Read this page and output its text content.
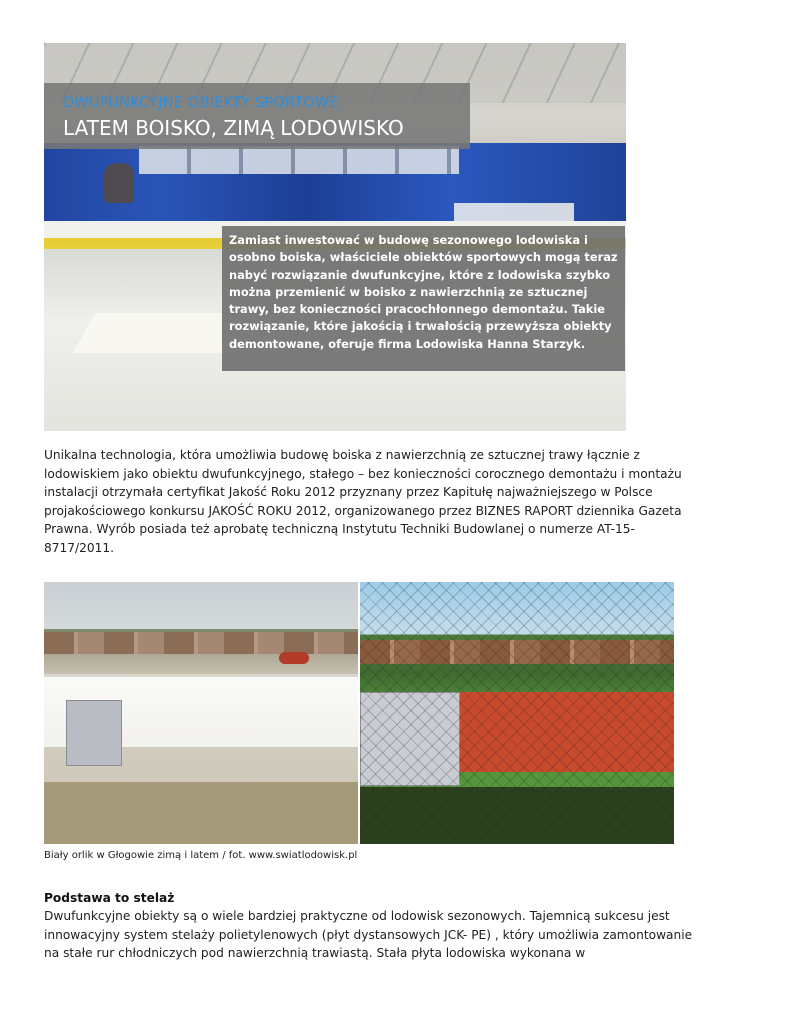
DWUFUNKCYJNE OBIEKTY SPORTOWE
LATEM BOISKO, ZIMĄ LODOWISKO
Zamiast inwestować w budowę sezonowego lodowiska i osobno boiska, właściciele obiektów sportowych mogą teraz nabyć rozwiązanie dwufunkcyjne, które z lodowiska szybko można przemienić w boisko z nawierzchnią ze sztucznej trawy, bez konieczności pracochłonnego demontażu. Takie rozwiązanie, które jakością i trwałością przewyższa obiekty demontowane, oferuje firma Lodowiska Hanna Starzyk.
Unikalna technologia, która umożliwia budowę boiska z nawierzchnią ze sztucznej trawy łącznie z lodowiskiem jako obiektu dwufunkcyjnego, stałego – bez konieczności corocznego demontażu i montażu instalacji otrzymała certyfikat Jakość Roku 2012 przyznany przez Kapitułę najważniejszego w Polsce projakościowego konkursu JAKOŚĆ ROKU 2012, organizowanego przez BIZNES RAPORT dziennika Gazeta Prawna. Wyrób posiada też aprobatę techniczną Instytutu Techniki Budowlanej o numerze AT-15-8717/2011.
Biały orlik w Głogowie zimą i latem / fot. www.swiatlodowisk.pl
Podstawa to stelaż
Dwufunkcyjne obiekty są o wiele bardziej praktyczne od lodowisk sezonowych. Tajemnicą sukcesu jest innowacyjny system stelaży polietylenowych (płyt dystansowych JCK- PE) , który umożliwia zamontowanie na stałe rur chłodniczych pod nawierzchnią trawiastą. Stała płyta lodowiska wykonana w
